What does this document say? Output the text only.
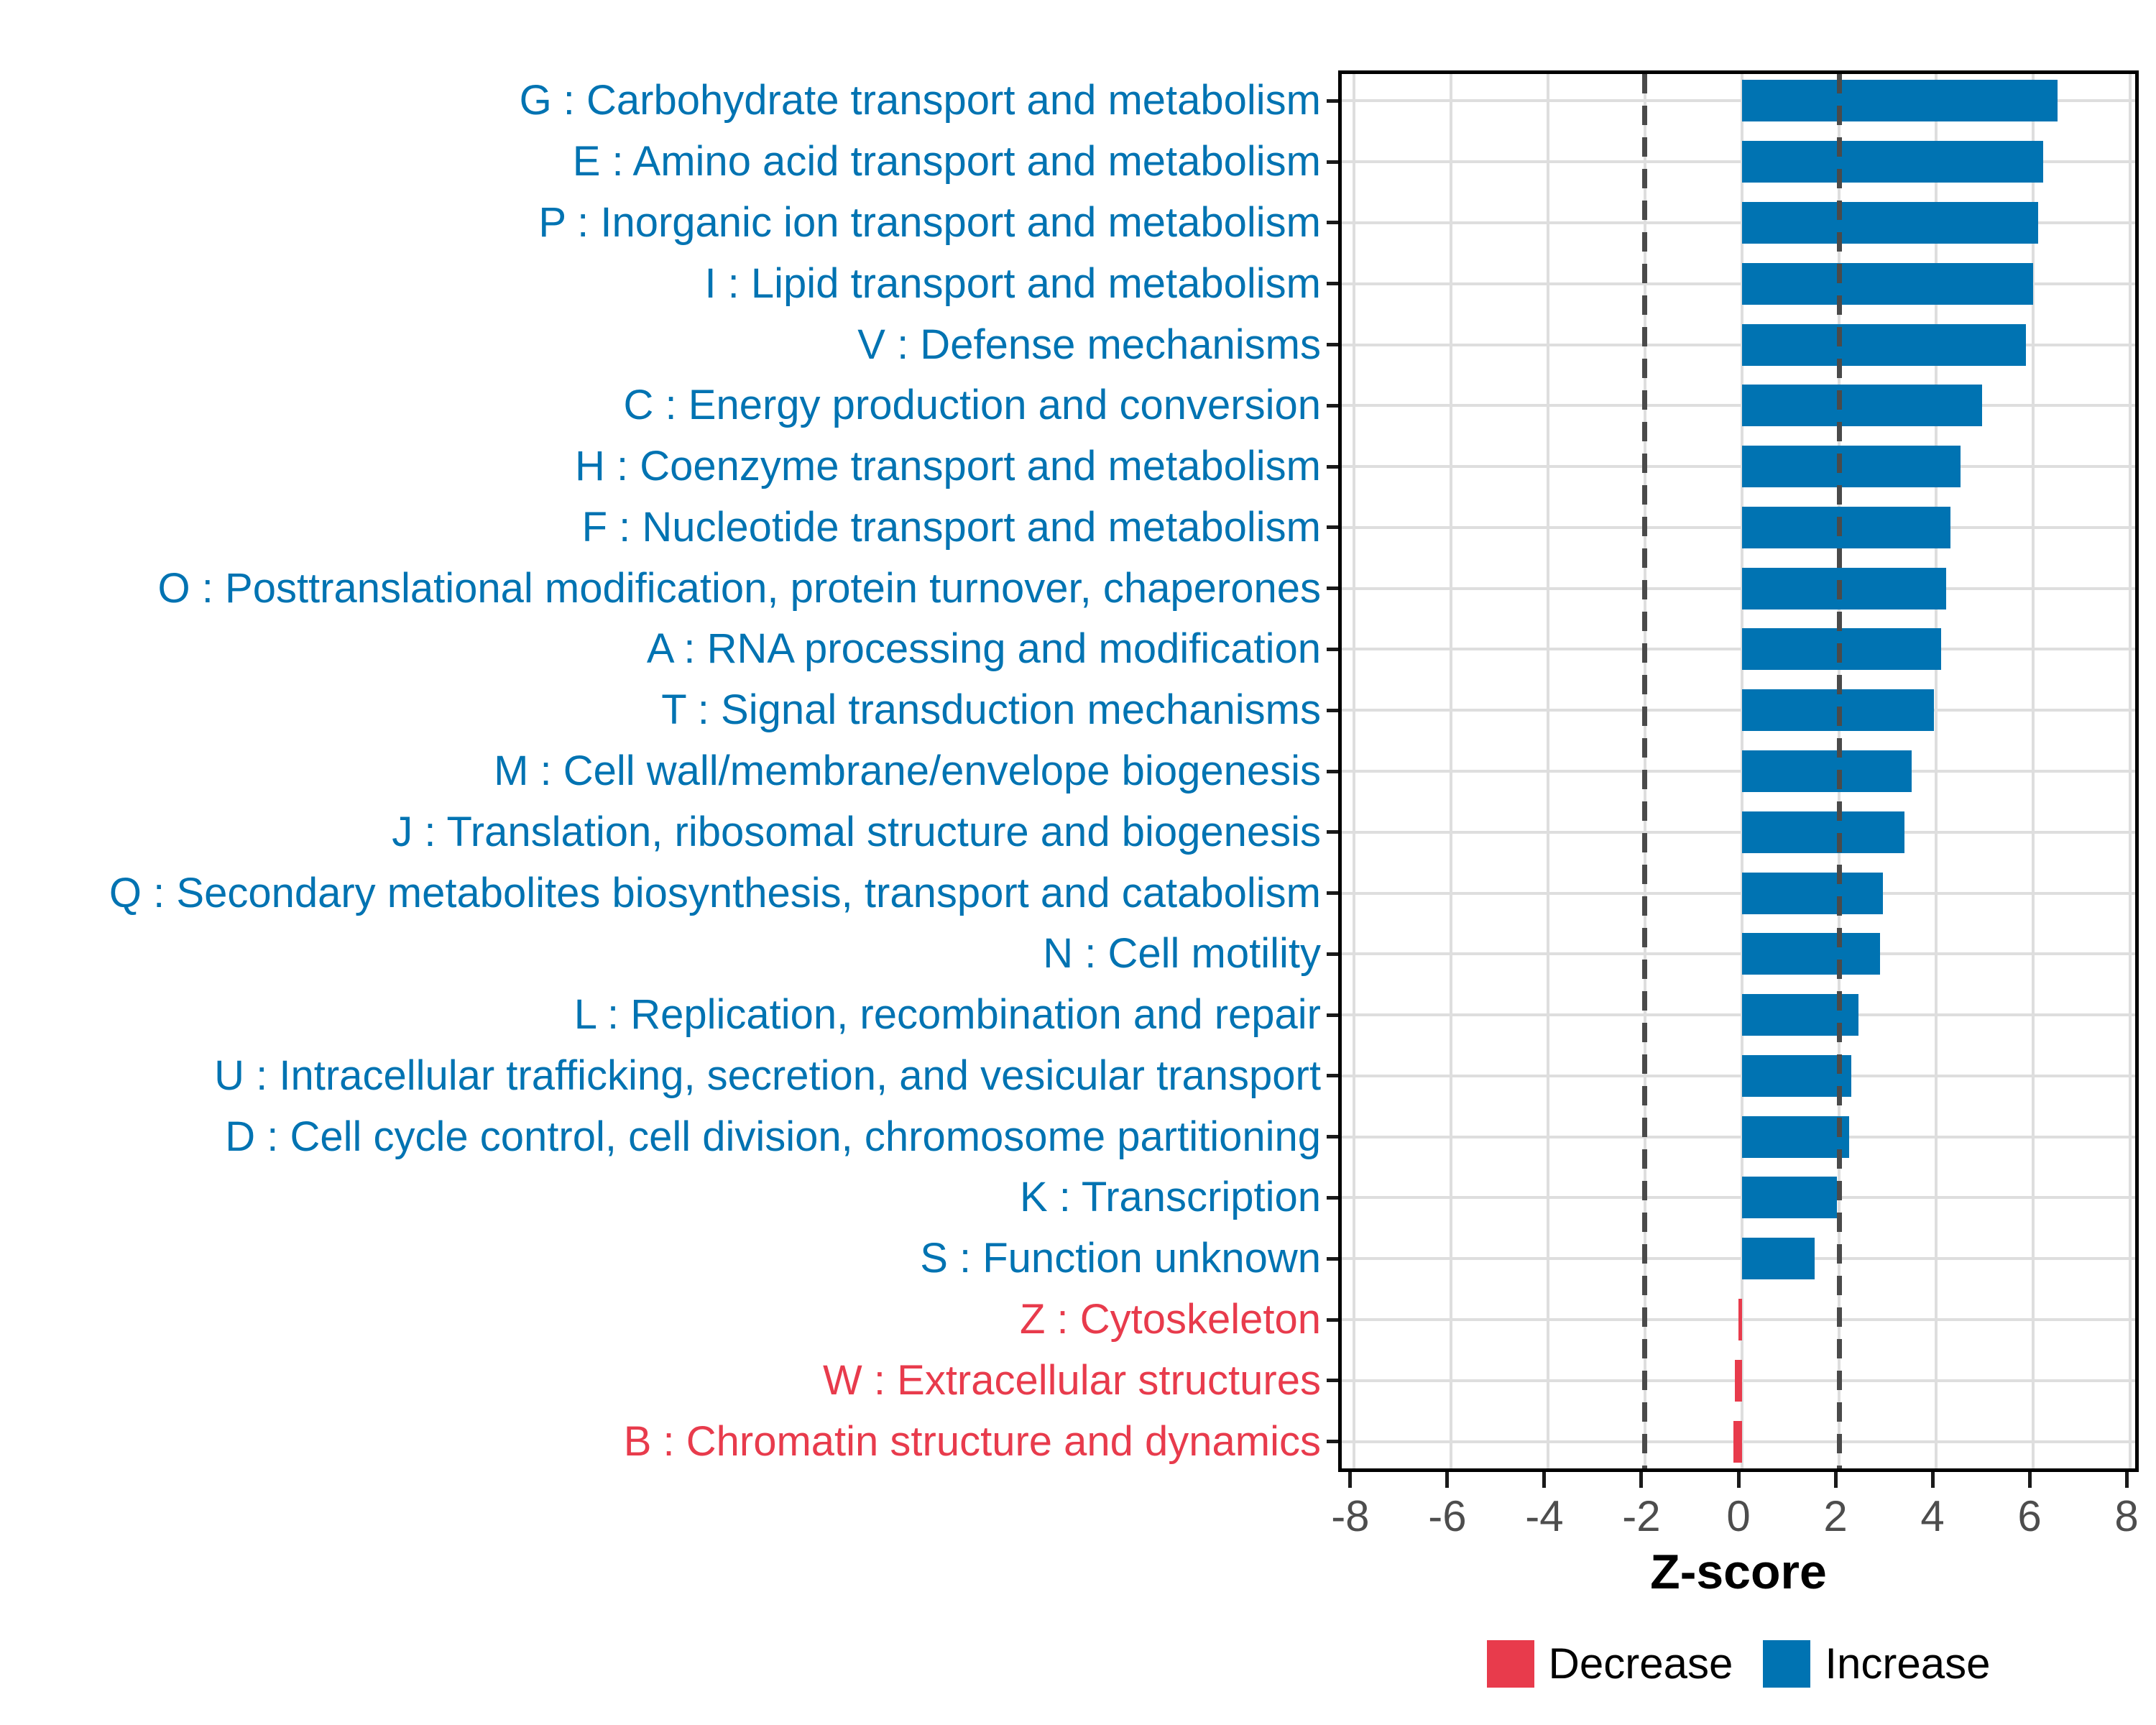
G : Carbohydrate transport and metabolism
E : Amino acid transport and metabolism
P : Inorganic ion transport and metabolism
I : Lipid transport and metabolism
V : Defense mechanisms
C : Energy production and conversion
H : Coenzyme transport and metabolism
F : Nucleotide transport and metabolism
O : Posttranslational modification, protein turnover, chaperones
A : RNA processing and modification
T : Signal transduction mechanisms
M : Cell wall/membrane/envelope biogenesis
J : Translation, ribosomal structure and biogenesis
Q : Secondary metabolites biosynthesis, transport and catabolism
N : Cell motility
L : Replication, recombination and repair
U : Intracellular trafficking, secretion, and vesicular transport
D : Cell cycle control, cell division, chromosome partitioning
K : Transcription
S : Function unknown
Z : Cytoskeleton
W : Extracellular structures
B : Chromatin structure and dynamics
-8 -6 -4 -2 0 2 4 6 8
Z-score
Decrease Increase
